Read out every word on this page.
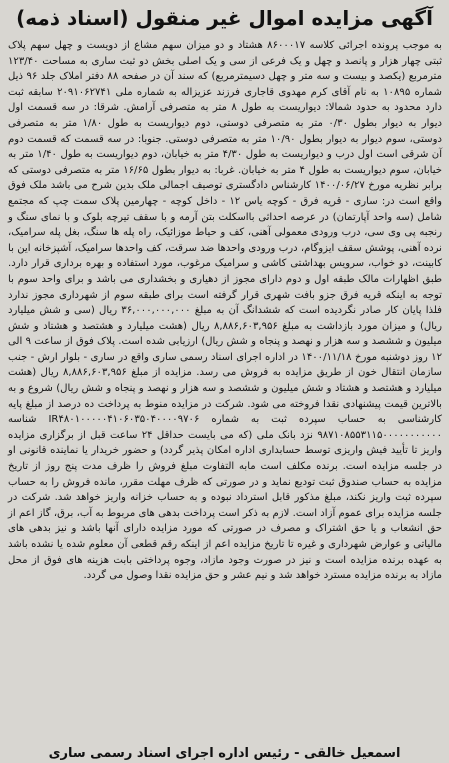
آگهی مزایده اموال غیر منقول (اسناد ذمه)

به موجب پرونده اجرائی کلاسه ۸۶۰۰۰۱۷ هشتاد و دو میزان سهم مشاع از دویست و چهل سهم پلاک ثبتی چهار هزار و پانصد و چهل و یک فرعی از سی و یک اصلی بخش دو ثبت ساری به مساحت ۱۲۳/۴۰ مترمربع (یکصد و بیست و سه متر و چهل دسیمترمربع) که سند آن در صفحه ۸۸ دفتر املاک جلد ۹۶ ذیل شماره ۱۰۸۹۵ به نام آقای کرم مهدوی قاجاری فرزند عزیزاله به شماره ملی ۲۰۹۱۰۶۲۷۴۱ سابقه ثبت دارد محدود به حدود شمالا: دیواریست به طول ۸ متر به متصرفی آرامش. شرقا: در سه قسمت اول دیوار به دیوار بطول ۰/۳۰ متر به متصرفی دوستی، دوم دیواریست به طول ۱/۸۰ متر به متصرفی دوستی، سوم دیوار به دیوار بطول ۱۰/۹۰ متر به متصرفی دوستی. جنوبا: در سه قسمت که قسمت دوم آن شرقی است اول درب و دیواریست به طول ۴/۳۰ متر به خیابان، دوم دیواریست به طول ۱/۴۰ متر به خیابان، سوم دیواریست به طول ۴ متر به خیابان. غربا: به دیوار بطول ۱۶/۶۵ متر به متصرفی دوستی که برابر نظریه مورخ ۱۴۰۰/۰۶/۲۷ کارشناس دادگستری توصیف اجمالی ملک بدین شرح می باشد ملک فوق واقع است در: ساری - قریه فرق - کوچه یاس ۱۲ - داخل کوچه - چهارمین پلاک سمت چپ که مجتمع شامل (سه واحد آپارتمان) در عرصه احداثی بااسکلت بتن آرمه و با سقف تیرچه بلوک و با نمای سنگ و رنجبه پی وی سی، درب ورودی معمولی آهنی، کف و حیاط موزائیک، راه پله ها سنگ، بغل پله سرامیک، نرده آهنی، پوشش سقف ایزوگام، درب ورودی واحدها ضد سرقت، کف واحدها سرامیک، آشپزخانه این با کابینت، دو خواب، سرویس بهداشتی کاشی و سرامیک مرغوب، مورد استفاده و بهره برداری قرار دارد. طبق اظهارات مالک طبقه اول و دوم دارای مجوز از دهیاری و بخشداری می باشد و برای واحد سوم با توجه به اینکه قریه فرق جزو بافت شهری قرار گرفته است برای طبقه سوم از شهرداری مجوز ندارد فلذا پایان کار صادر نگردیده است که ششدانگ آن به مبلغ ۳۶,۰۰۰,۰۰۰,۰۰۰ ریال (سی و شش میلیارد ریال) و میزان مورد بازداشت به مبلغ ۸,۸۸۶,۶۰۳,۹۵۶ ریال (هشت میلیارد و هشتصد و هشتاد و شش میلیون و ششصد و سه هزار و نهصد و پنجاه و شش ریال) ارزیابی شده است. پلاک فوق از ساعت ۹ الی ۱۲ روز دوشنبه مورخ ۱۴۰۰/۱۱/۱۸ در اداره اجرای اسناد رسمی ساری واقع در ساری - بلوار ارش - جنب سازمان انتقال خون از طریق مزایده به فروش می رسد. مزایده از مبلغ ۸,۸۸۶,۶۰۳,۹۵۶ ریال (هشت میلیارد و هشتصد و هشتاد و شش میلیون و ششصد و سه هزار و نهصد و پنجاه و شش ریال) شروع و به بالاترین قیمت پیشنهادی نقدا فروخته می شود. شرکت در مزایده منوط به پرداخت ده درصد از مبلغ پایه کارشناسی به حساب سپرده ثبت به شماره IR۴۸۰۱۰۰۰۰۰۴۱۰۶۰۳۵۰۴۰۰۰۰۹۷۰۶ شناسه ۹۸۷۱۰۸۵۵۳۱۱۵۰۰۰۰۰۰۰۰۰۰۰ نزد بانک ملی (که می بایست حداقل ۲۴ ساعت قبل از برگزاری مزایده واریز تا تأیید فیش واریزی توسط حسابداری اداره امکان پذیر گردد) و حضور خریدار یا نماینده قانونی او در جلسه مزایده است. برنده مکلف است مابه التفاوت مبلغ فروش را ظرف مدت پنج روز از تاریخ مزایده به حساب صندوق ثبت تودیع نماید و در صورتی که ظرف مهلت مقرر، مانده فروش را به حساب سپرده ثبت واریز نکند، مبلغ مذکور قابل استرداد نبوده و به حساب خزانه واریز خواهد شد. شرکت در جلسه مزایده برای عموم آزاد است. لازم به ذکر است پرداخت بدهی های مربوط به آب، برق، گاز اعم از حق انشعاب و یا حق اشتراک و مصرف در صورتی که مورد مزایده دارای آنها باشد و نیز بدهی های مالیاتی و عوارض شهرداری و غیره تا تاریخ مزایده اعم از اینکه رقم قطعی آن معلوم شده یا نشده باشد به عهده برنده مزایده است و نیز در صورت وجود مازاد، وجوه پرداختی بابت هزینه های فوق از محل مازاد به برنده مزایده مسترد خواهد شد و نیم عشر و حق مزایده نقدا وصول می گردد.

اسمعیل خالقی - رئیس اداره اجرای اسناد رسمی ساری
